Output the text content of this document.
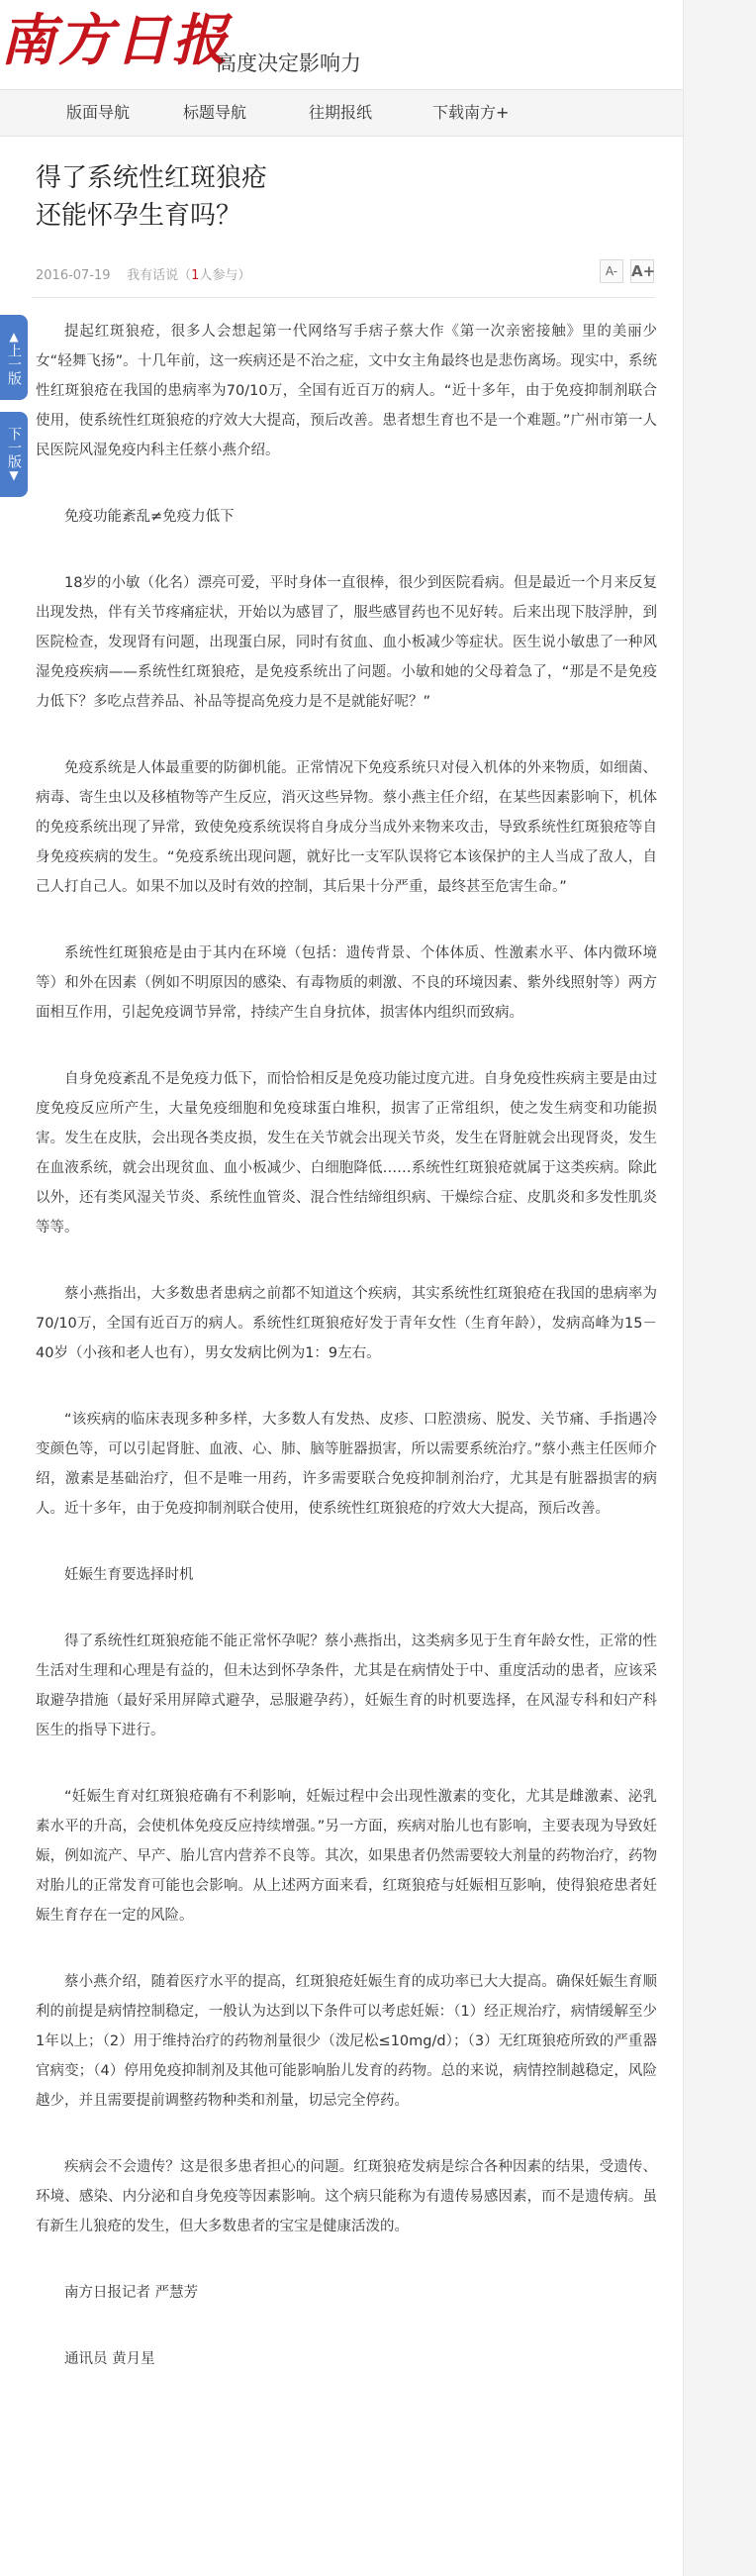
南方日报
高度决定影响力
版面导航	标题导航	往期报纸	下载南方+
得了系统性红斑狼疮
还能怀孕生育吗？
2016-07-19 我有话说（1人参与）	A- A+
▲
上一版
下一版
▼

提起红斑狼疮，很多人会想起第一代网络写手痞子蔡大作《第一次亲密接触》里的美丽少女“轻舞飞扬”。十几年前，这一疾病还是不治之症，文中女主角最终也是悲伤离场。现实中，系统性红斑狼疮在我国的患病率为70/10万，全国有近百万的病人。“近十多年，由于免疫抑制剂联合使用，使系统性红斑狼疮的疗效大大提高，预后改善。患者想生育也不是一个难题。”广州市第一人民医院风湿免疫内科主任蔡小燕介绍。

免疫功能紊乱≠免疫力低下

18岁的小敏（化名）漂亮可爱，平时身体一直很棒，很少到医院看病。但是最近一个月来反复出现发热，伴有关节疼痛症状，开始以为感冒了，服些感冒药也不见好转。后来出现下肢浮肿，到医院检查，发现肾有问题，出现蛋白尿，同时有贫血、血小板减少等症状。医生说小敏患了一种风湿免疫疾病——系统性红斑狼疮，是免疫系统出了问题。小敏和她的父母着急了，“那是不是免疫力低下？多吃点营养品、补品等提高免疫力是不是就能好呢？”

免疫系统是人体最重要的防御机能。正常情况下免疫系统只对侵入机体的外来物质，如细菌、病毒、寄生虫以及移植物等产生反应，消灭这些异物。蔡小燕主任介绍，在某些因素影响下，机体的免疫系统出现了异常，致使免疫系统误将自身成分当成外来物来攻击，导致系统性红斑狼疮等自身免疫疾病的发生。“免疫系统出现问题，就好比一支军队误将它本该保护的主人当成了敌人，自己人打自己人。如果不加以及时有效的控制，其后果十分严重，最终甚至危害生命。”

系统性红斑狼疮是由于其内在环境（包括：遗传背景、个体体质、性激素水平、体内微环境等）和外在因素（例如不明原因的感染、有毒物质的刺激、不良的环境因素、紫外线照射等）两方面相互作用，引起免疫调节异常，持续产生自身抗体，损害体内组织而致病。

自身免疫紊乱不是免疫力低下，而恰恰相反是免疫功能过度亢进。自身免疫性疾病主要是由过度免疫反应所产生，大量免疫细胞和免疫球蛋白堆积，损害了正常组织，使之发生病变和功能损害。发生在皮肤，会出现各类皮损，发生在关节就会出现关节炎，发生在肾脏就会出现肾炎，发生在血液系统，就会出现贫血、血小板减少、白细胞降低……系统性红斑狼疮就属于这类疾病。除此以外，还有类风湿关节炎、系统性血管炎、混合性结缔组织病、干燥综合症、皮肌炎和多发性肌炎等等。

蔡小燕指出，大多数患者患病之前都不知道这个疾病，其实系统性红斑狼疮在我国的患病率为70/10万，全国有近百万的病人。系统性红斑狼疮好发于青年女性（生育年龄），发病高峰为15－40岁（小孩和老人也有），男女发病比例为1：9左右。

“该疾病的临床表现多种多样，大多数人有发热、皮疹、口腔溃疡、脱发、关节痛、手指遇冷变颜色等，可以引起肾脏、血液、心、肺、脑等脏器损害，所以需要系统治疗。”蔡小燕主任医师介绍，激素是基础治疗，但不是唯一用药，许多需要联合免疫抑制剂治疗，尤其是有脏器损害的病人。近十多年，由于免疫抑制剂联合使用，使系统性红斑狼疮的疗效大大提高，预后改善。

妊娠生育要选择时机

得了系统性红斑狼疮能不能正常怀孕呢？蔡小燕指出，这类病多见于生育年龄女性，正常的性生活对生理和心理是有益的，但未达到怀孕条件，尤其是在病情处于中、重度活动的患者，应该采取避孕措施（最好采用屏障式避孕，忌服避孕药），妊娠生育的时机要选择，在风湿专科和妇产科医生的指导下进行。

“妊娠生育对红斑狼疮确有不利影响，妊娠过程中会出现性激素的变化，尤其是雌激素、泌乳素水平的升高，会使机体免疫反应持续增强。”另一方面，疾病对胎儿也有影响，主要表现为导致妊娠，例如流产、早产、胎儿宫内营养不良等。其次，如果患者仍然需要较大剂量的药物治疗，药物对胎儿的正常发育可能也会影响。从上述两方面来看，红斑狼疮与妊娠相互影响，使得狼疮患者妊娠生育存在一定的风险。

蔡小燕介绍，随着医疗水平的提高，红斑狼疮妊娠生育的成功率已大大提高。确保妊娠生育顺利的前提是病情控制稳定，一般认为达到以下条件可以考虑妊娠：（1）经正规治疗，病情缓解至少1年以上；（2）用于维持治疗的药物剂量很少（泼尼松≤10mg/d）；（3）无红斑狼疮所致的严重器官病变；（4）停用免疫抑制剂及其他可能影响胎儿发育的药物。总的来说，病情控制越稳定，风险越少，并且需要提前调整药物种类和剂量，切忌完全停药。

疾病会不会遗传？这是很多患者担心的问题。红斑狼疮发病是综合各种因素的结果，受遗传、环境、感染、内分泌和自身免疫等因素影响。这个病只能称为有遗传易感因素，而不是遗传病。虽有新生儿狼疮的发生，但大多数患者的宝宝是健康活泼的。

南方日报记者 严慧芳

通讯员 黄月星
